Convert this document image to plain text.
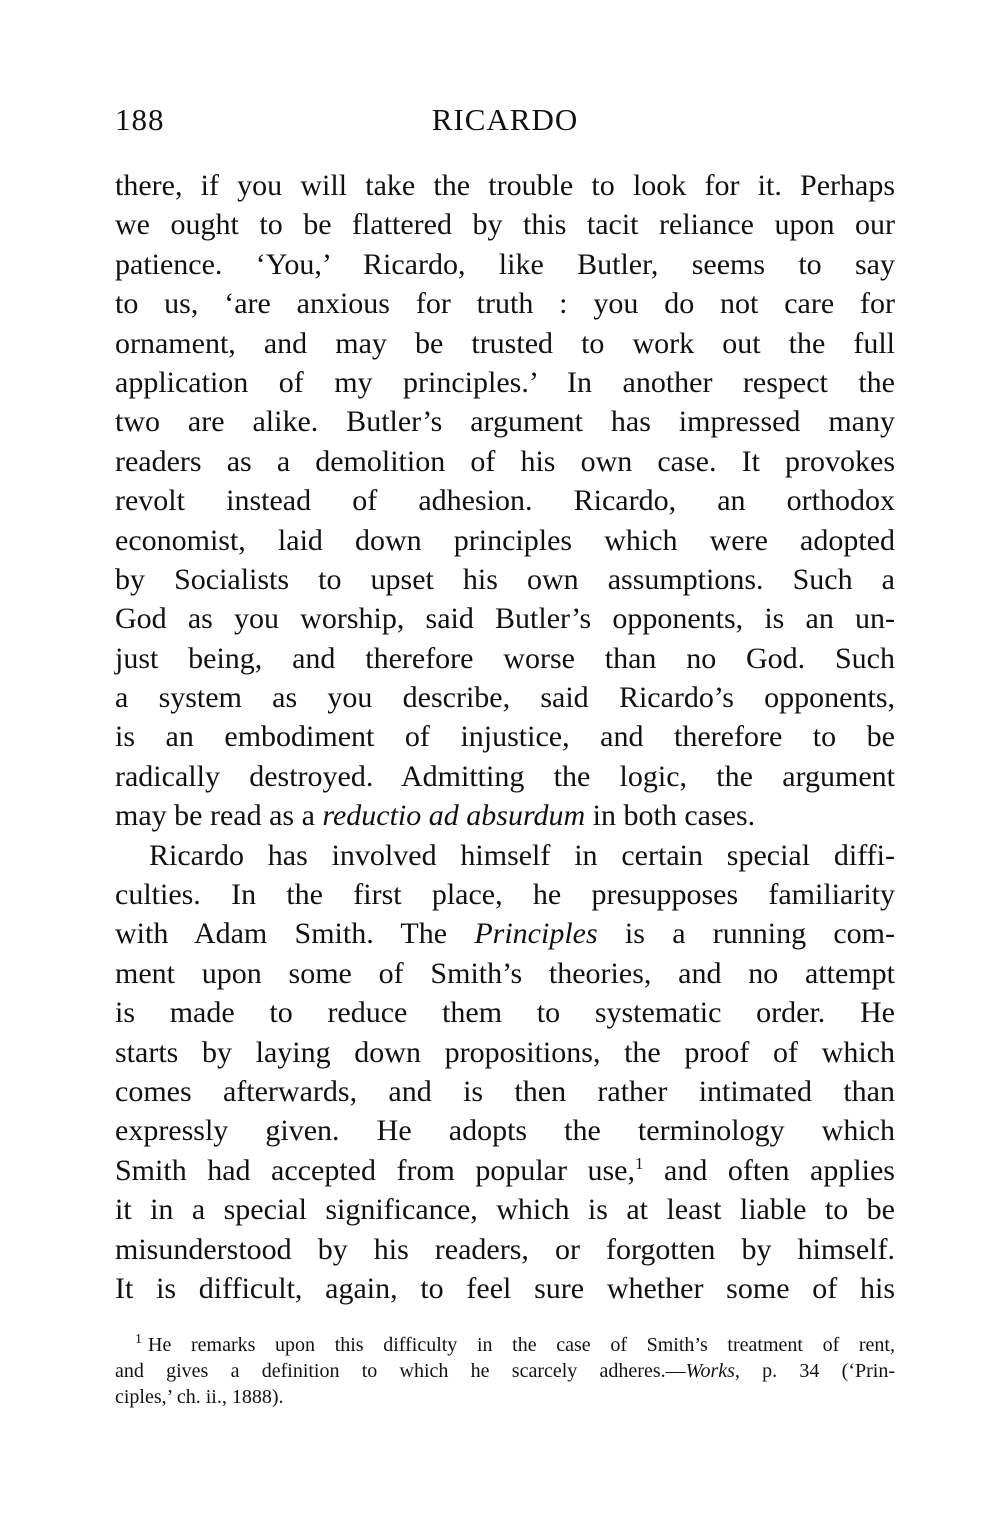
188	RICARDO
there, if you will take the trouble to look for it. Perhaps
we ought to be flattered by this tacit reliance upon our
patience. ‘You,’ Ricardo, like Butler, seems to say
to us, ‘are anxious for truth : you do not care for
ornament, and may be trusted to work out the full
application of my principles.’ In another respect the
two are alike. Butler’s argument has impressed many
readers as a demolition of his own case. It provokes
revolt instead of adhesion. Ricardo, an orthodox
economist, laid down principles which were adopted
by Socialists to upset his own assumptions. Such a
God as you worship, said Butler’s opponents, is an un-
just being, and therefore worse than no God. Such
a system as you describe, said Ricardo’s opponents,
is an embodiment of injustice, and therefore to be
radically destroyed. Admitting the logic, the argument
may be read as a reductio ad absurdum in both cases.
Ricardo has involved himself in certain special diffi-
culties. In the first place, he presupposes familiarity
with Adam Smith. The Principles is a running com-
ment upon some of Smith’s theories, and no attempt
is made to reduce them to systematic order. He
starts by laying down propositions, the proof of which
comes afterwards, and is then rather intimated than
expressly given. He adopts the terminology which
Smith had accepted from popular use,$^1$ and often applies
it in a special significance, which is at least liable to be
misunderstood by his readers, or forgotten by himself.
It is difficult, again, to feel sure whether some of his
$^1$ He remarks upon this difficulty in the case of Smith’s treatment of rent,
and gives a definition to which he scarcely adheres.—Works, p. 34 (‘Prin-
ciples,’ ch. ii., 1888).
